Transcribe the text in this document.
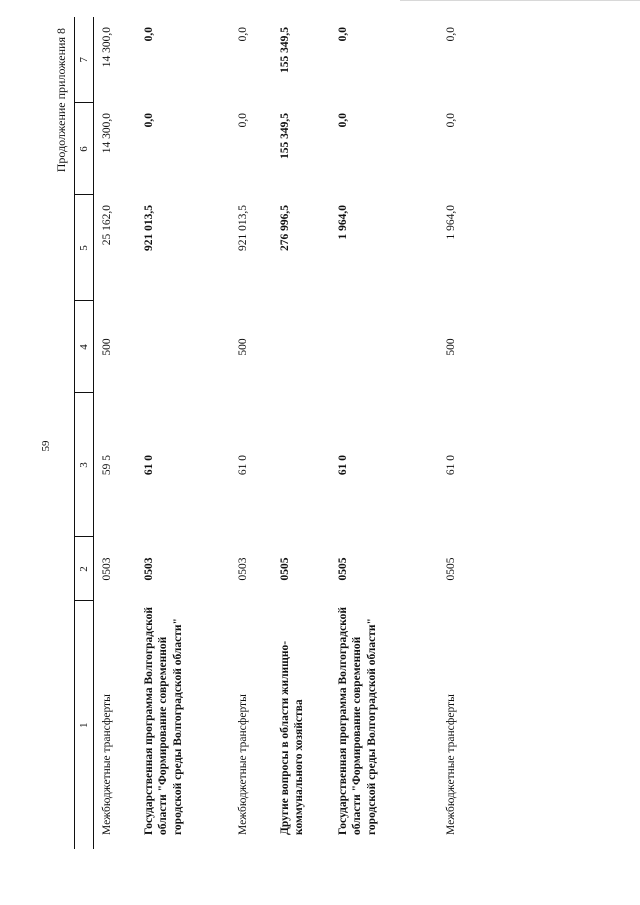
59
Продолжение приложения 8
1	2	3	4	5	6	7
Межбюджетные трансферты	0503	59 5	500	25 162,0	14 300,0	14 300,0
Государственная программа Волгоградской области "Формирование современной городской среды Волгоградской области"	0503	61 0		921 013,5	0,0	0,0
Межбюджетные трансферты	0503	61 0	500	921 013,5	0,0	0,0
Другие вопросы в области жилищно-коммунального хозяйства	0505			276 996,5	155 349,5	155 349,5
Государственная программа Волгоградской области "Формирование современной городской среды Волгоградской области"	0505	61 0		1 964,0	0,0	0,0
Межбюджетные трансферты	0505	61 0	500	1 964,0	0,0	0,0
